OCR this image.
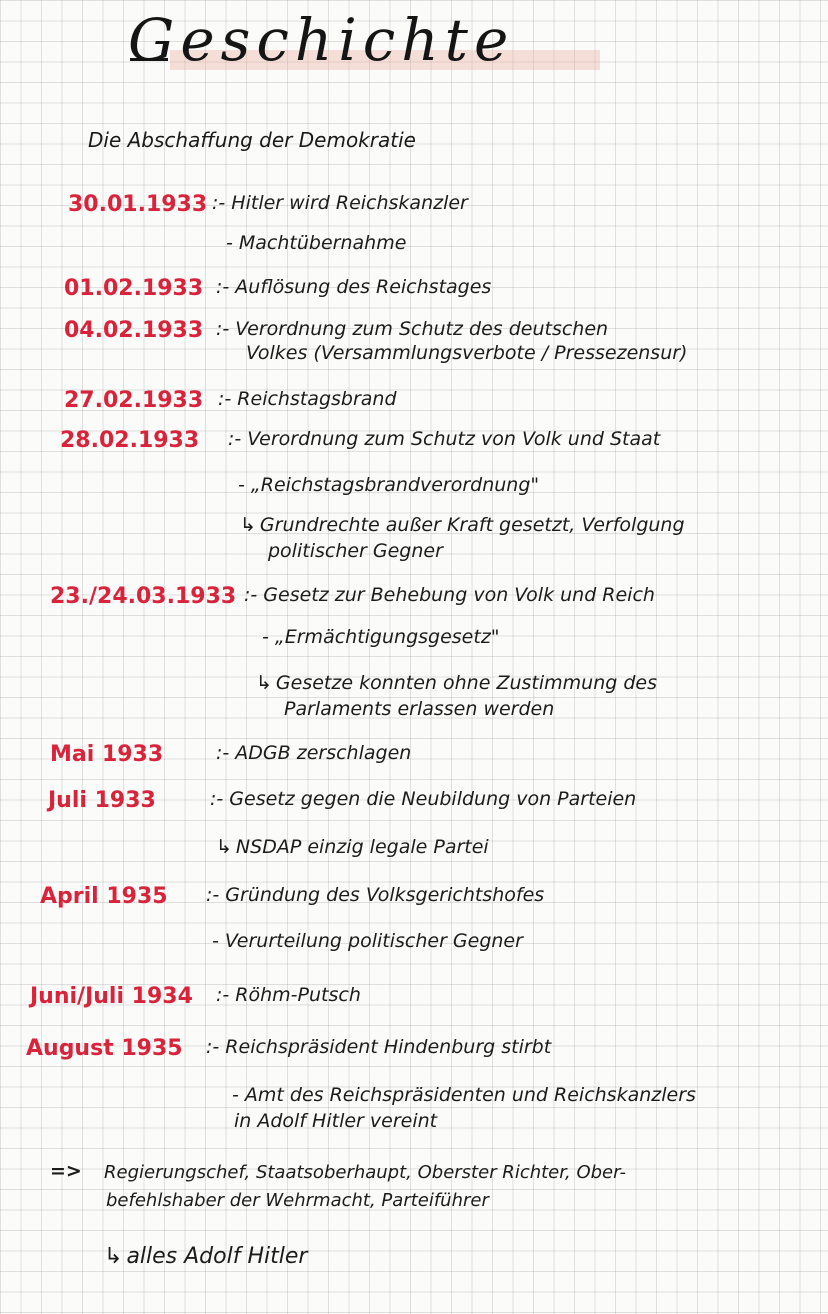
Geschichte
Die Abschaffung der Demokratie
30.01.1933 :- Hitler wird Reichskanzler
- Machtübernahme
01.02.1933 :- Auflösung des Reichstages
04.02.1933 :- Verordnung zum Schutz des deutschen
Volkes (Versammlungsverbote / Pressezensur)
27.02.1933 :- Reichstagsbrand
28.02.1933 :- Verordnung zum Schutz von Volk und Staat
- „Reichstagsbrandverordnung"
↳ Grundrechte außer Kraft gesetzt, Verfolgung
politischer Gegner
23./24.03.1933 :- Gesetz zur Behebung von Volk und Reich
- „Ermächtigungsgesetz"
↳ Gesetze konnten ohne Zustimmung des
Parlaments erlassen werden
Mai 1933	:- ADGB zerschlagen
Juli 1933	:- Gesetz gegen die Neubildung von Parteien
↳ NSDAP einzig legale Partei
April 1935 :- Gründung des Volksgerichtshofes
- Verurteilung politischer Gegner
Juni/Juli 1934 :- Röhm-Putsch
August 1935 :- Reichspräsident Hindenburg stirbt
- Amt des Reichspräsidenten und Reichskanzlers
in Adolf Hitler vereint
=> Regierungschef, Staatsoberhaupt, Oberster Richter, Ober-
befehlshaber der Wehrmacht, Parteiführer
↳ alles Adolf Hitler
